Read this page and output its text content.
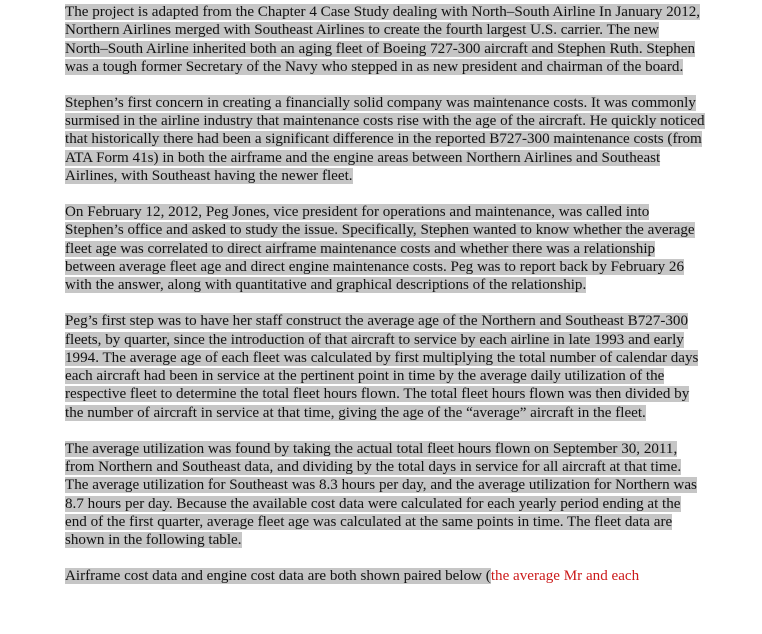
The project is adapted from the Chapter 4 Case Study dealing with North–South Airline In January 2012, Northern Airlines merged with Southeast Airlines to create the fourth largest U.S. carrier. The new North–South Airline inherited both an aging fleet of Boeing 727-300 aircraft and Stephen Ruth. Stephen was a tough former Secretary of the Navy who stepped in as new president and chairman of the board.

Stephen’s first concern in creating a financially solid company was maintenance costs. It was commonly surmised in the airline industry that maintenance costs rise with the age of the aircraft. He quickly noticed that historically there had been a significant difference in the reported B727-300 maintenance costs (from ATA Form 41s) in both the airframe and the engine areas between Northern Airlines and Southeast Airlines, with Southeast having the newer fleet.

On February 12, 2012, Peg Jones, vice president for operations and maintenance, was called into Stephen’s office and asked to study the issue. Specifically, Stephen wanted to know whether the average fleet age was correlated to direct airframe maintenance costs and whether there was a relationship between average fleet age and direct engine maintenance costs. Peg was to report back by February 26 with the answer, along with quantitative and graphical descriptions of the relationship.

Peg’s first step was to have her staff construct the average age of the Northern and Southeast B727-300 fleets, by quarter, since the introduction of that aircraft to service by each airline in late 1993 and early 1994. The average age of each fleet was calculated by first multiplying the total number of calendar days each aircraft had been in service at the pertinent point in time by the average daily utilization of the respective fleet to determine the total fleet hours flown. The total fleet hours flown was then divided by the number of aircraft in service at that time, giving the age of the “average” aircraft in the fleet.

The average utilization was found by taking the actual total fleet hours flown on September 30, 2011, from Northern and Southeast data, and dividing by the total days in service for all aircraft at that time. The average utilization for Southeast was 8.3 hours per day, and the average utilization for Northern was 8.7 hours per day. Because the available cost data were calculated for each yearly period ending at the end of the first quarter, average fleet age was calculated at the same points in time. The fleet data are shown in the following table.

Airframe cost data and engine cost data are both shown paired below (the average Mr and each
